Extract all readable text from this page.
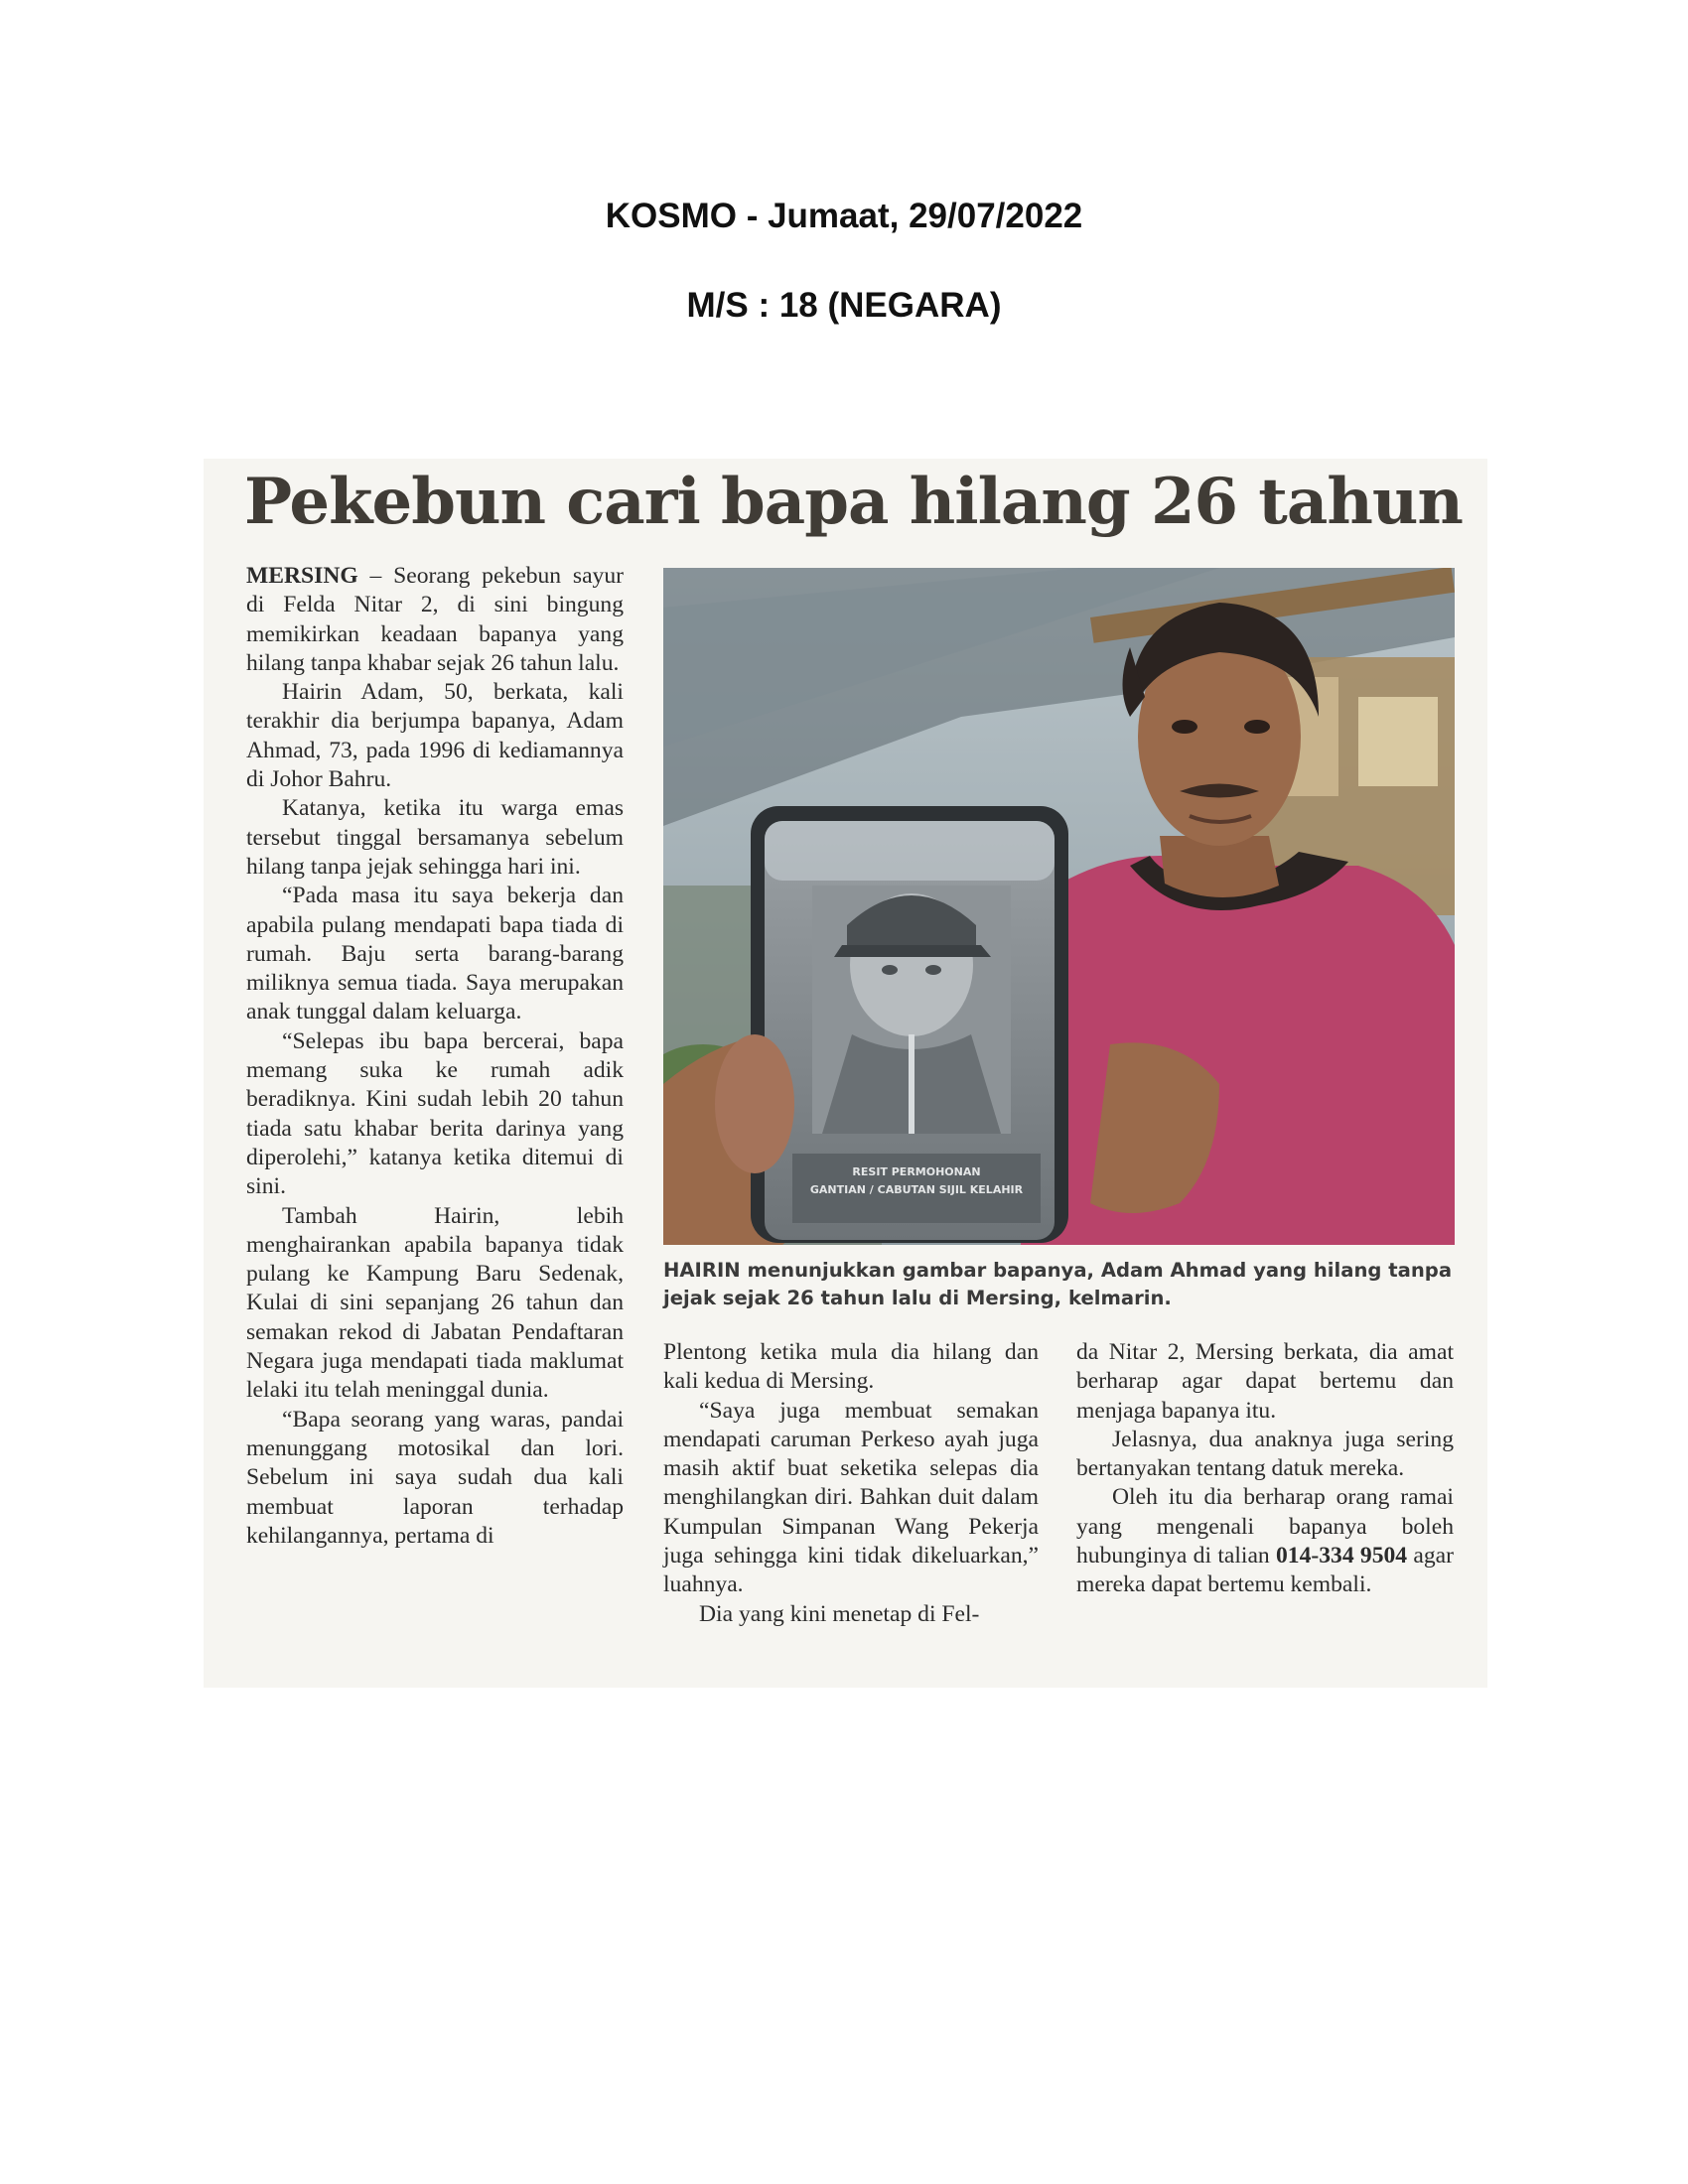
KOSMO - Jumaat, 29/07/2022
M/S : 18 (NEGARA)
Pekebun cari bapa hilang 26 tahun

MERSING – Seorang pekebun sayur di Felda Nitar 2, di sini bingung memikirkan keadaan bapanya yang hilang tanpa khabar sejak 26 tahun lalu.

Hairin Adam, 50, berkata, kali terakhir dia berjumpa bapanya, Adam Ahmad, 73, pada 1996 di kediamannya di Johor Bahru.

Katanya, ketika itu warga emas tersebut tinggal bersamanya sebelum hilang tanpa jejak sehingga hari ini.

“Pada masa itu saya bekerja dan apabila pulang mendapati bapa tiada di rumah. Baju serta barang-barang miliknya semua tiada. Saya merupakan anak tunggal dalam keluarga.

“Selepas ibu bapa bercerai, bapa memang suka ke rumah adik beradiknya. Kini sudah lebih 20 tahun tiada satu khabar berita darinya yang diperolehi,” katanya ketika ditemui di sini.

Tambah Hairin, lebih menghairankan apabila bapanya tidak pulang ke Kampung Baru Sedenak, Kulai di sini sepanjang 26 tahun dan semakan rekod di Jabatan Pendaftaran Negara juga mendapati tiada maklumat lelaki itu telah meninggal dunia.

“Bapa seorang yang waras, pandai menunggang motosikal dan lori. Sebelum ini saya sudah dua kali membuat laporan terhadap kehilangannya, pertama di

RESIT PERMOHONAN
GANTIAN / CABUTAN SIJIL KELAHIR
HAIRIN menunjukkan gambar bapanya, Adam Ahmad yang hilang tanpa jejak sejak 26 tahun lalu di Mersing, kelmarin.

Plentong ketika mula dia hilang dan kali kedua di Mersing.

“Saya juga membuat semakan mendapati caruman Perkeso ayah juga masih aktif buat seketika selepas dia menghilangkan diri. Bahkan duit dalam Kumpulan Simpanan Wang Pekerja juga sehingga kini tidak dikeluarkan,” luahnya.

Dia yang kini menetap di Fel-

da Nitar 2, Mersing berkata, dia amat berharap agar dapat bertemu dan menjaga bapanya itu.

Jelasnya, dua anaknya juga sering bertanyakan tentang datuk mereka.

Oleh itu dia berharap orang ramai yang mengenali bapanya boleh hubunginya di talian 014-334 9504 agar mereka dapat bertemu kembali.
